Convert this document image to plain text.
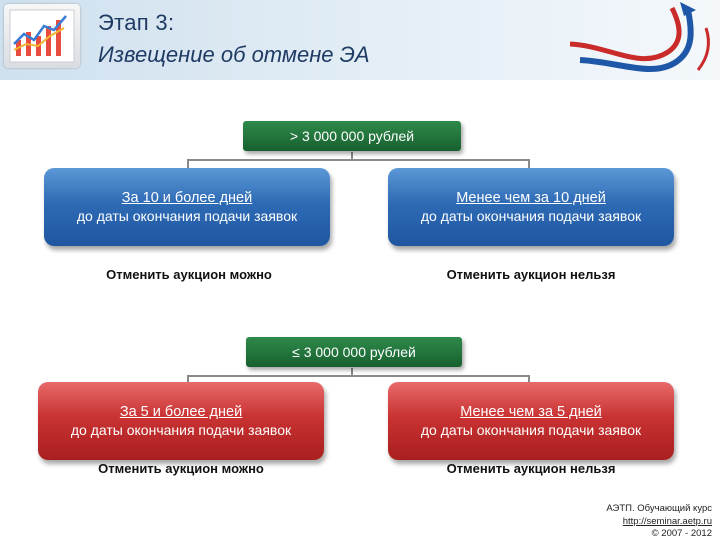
Этап 3:
Извещение об отмене ЭА
> 3 000 000 рублей
За 10 и более дней
до даты окончания подачи заявок
Менее чем за 10 дней
до даты окончания подачи заявок
Отменить аукцион можно	Отменить аукцион нельзя
≤ 3 000 000 рублей
За 5 и более дней
до даты окончания подачи заявок
Менее чем за 5 дней
до даты окончания подачи заявок
Отменить аукцион можно	Отменить аукцион нельзя
АЭТП. Обучающий курс
http://seminar.aetp.ru
© 2007 - 2012
